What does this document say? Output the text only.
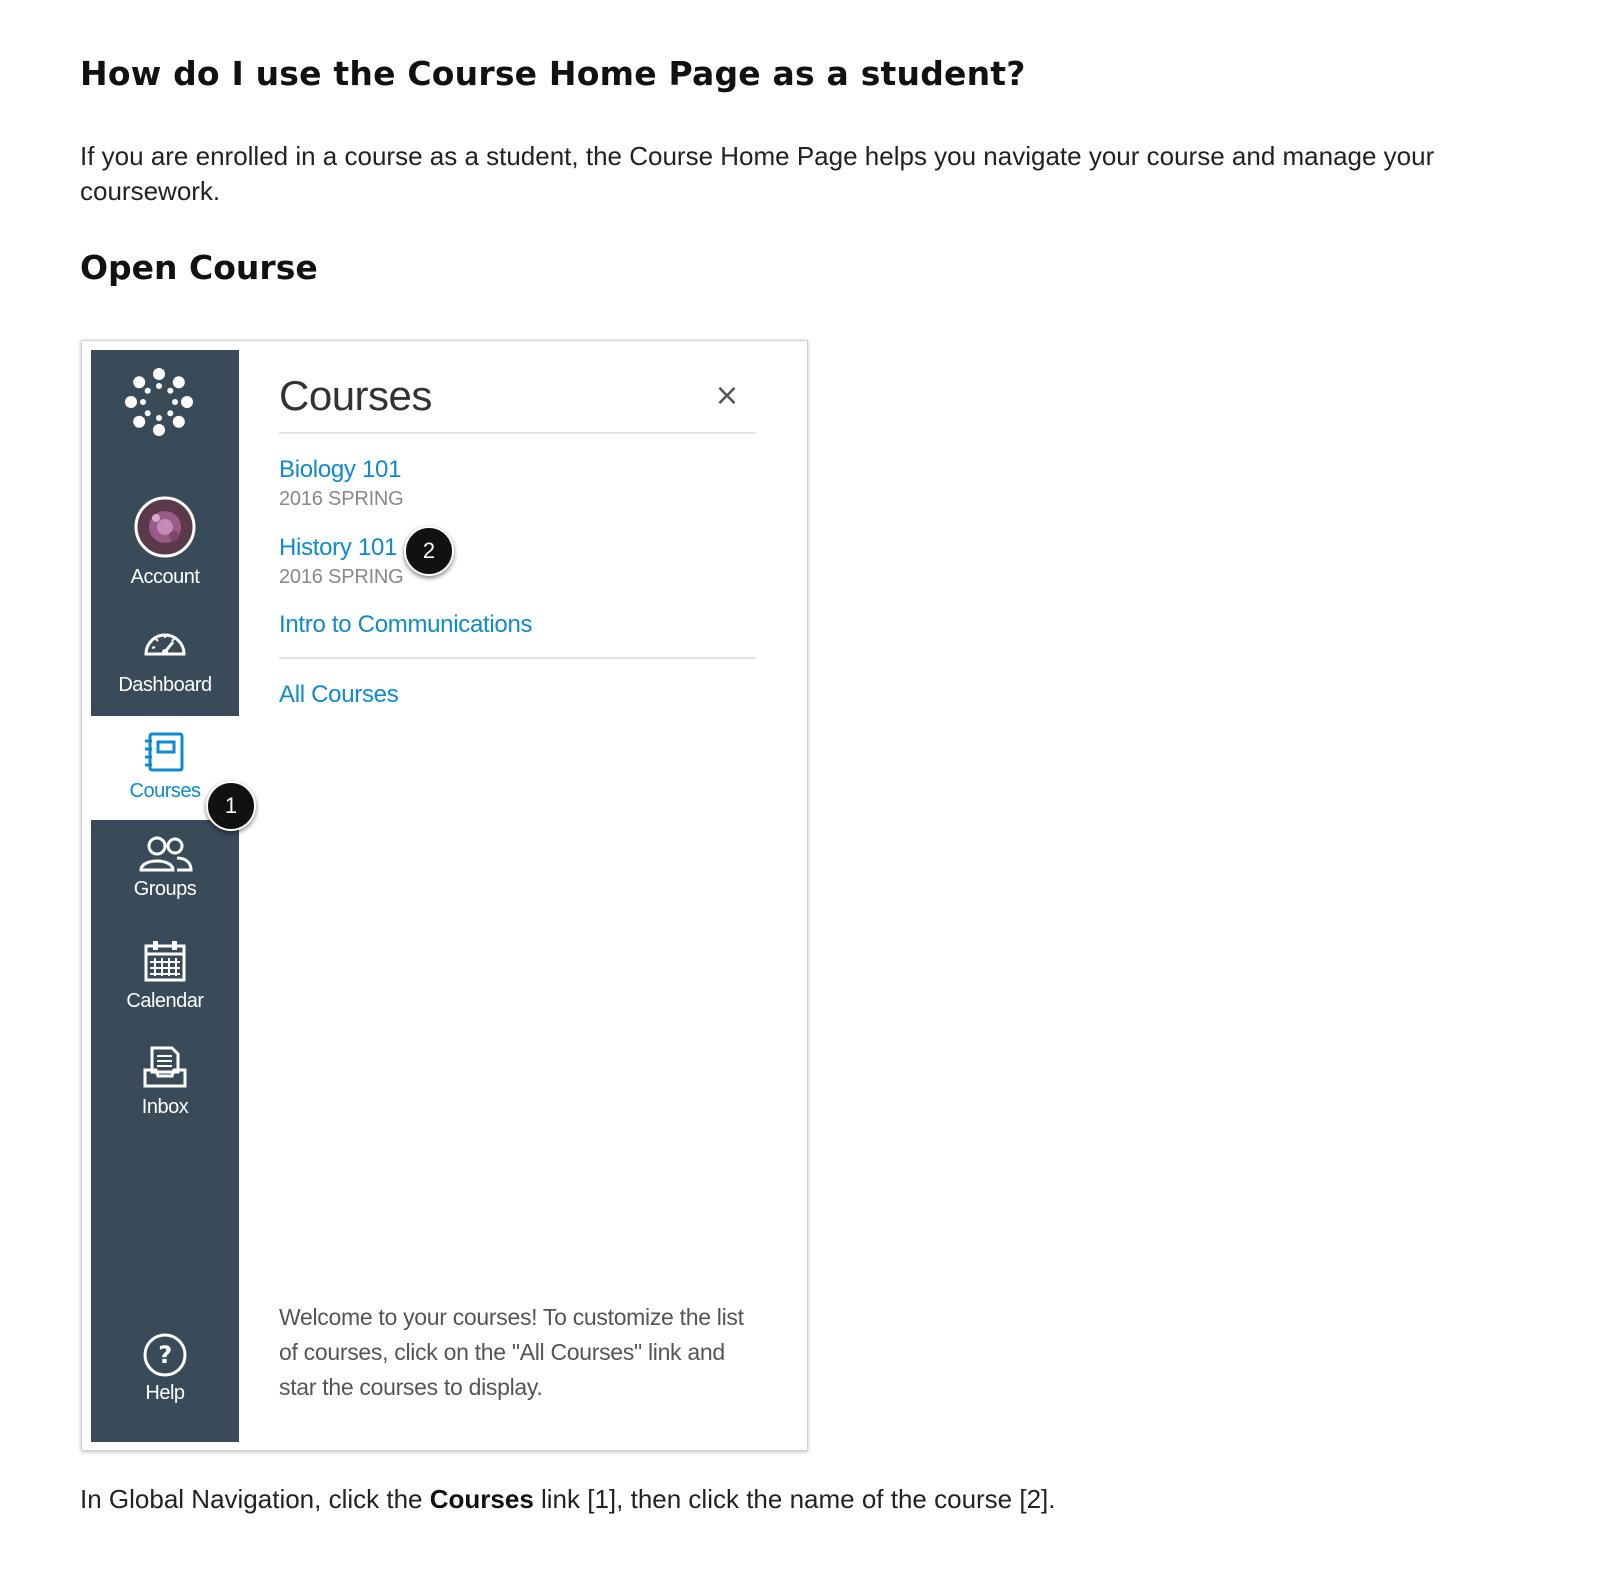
How do I use the Course Home Page as a student?

If you are enrolled in a course as a student, the Course Home Page helps you navigate your course and manage your coursework.

Open Course
Account
Dashboard
Courses
Groups
Calendar
Inbox
?
Help
Courses	×
Biology 101
2016 SPRING
History 101
2016 SPRING
Intro to Communications
All Courses
Welcome to your courses! To customize the list of courses, click on the "All Courses" link and star the courses to display.
2
1

In Global Navigation, click the Courses link [1], then click the name of the course [2].
